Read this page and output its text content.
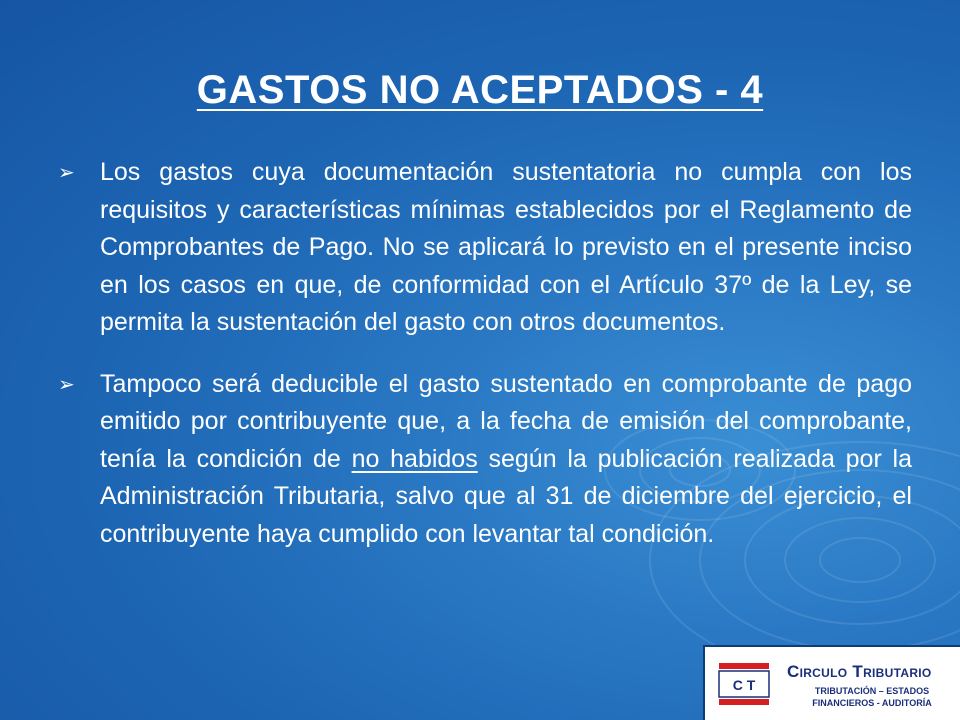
GASTOS NO ACEPTADOS - 4
➢	Los gastos cuya documentación sustentatoria no cumpla con los requisitos y características mínimas establecidos por el Reglamento de Comprobantes de Pago. No se aplicará lo previsto en el presente inciso en los casos en que, de conformidad con el Artículo 37º de la Ley, se permita la sustentación del gasto con otros documentos.
➢	Tampoco será deducible el gasto sustentado en comprobante de pago emitido por contribuyente que, a la fecha de emisión del comprobante, tenía la condición de no habidos según la publicación realizada por la Administración Tributaria, salvo que al 31 de diciembre del ejercicio, el contribuyente haya cumplido con levantar tal condición.
C T
Circulo Tributario
TRIBUTACIÓN – ESTADOS FINANCIEROS - AUDITORÍA
